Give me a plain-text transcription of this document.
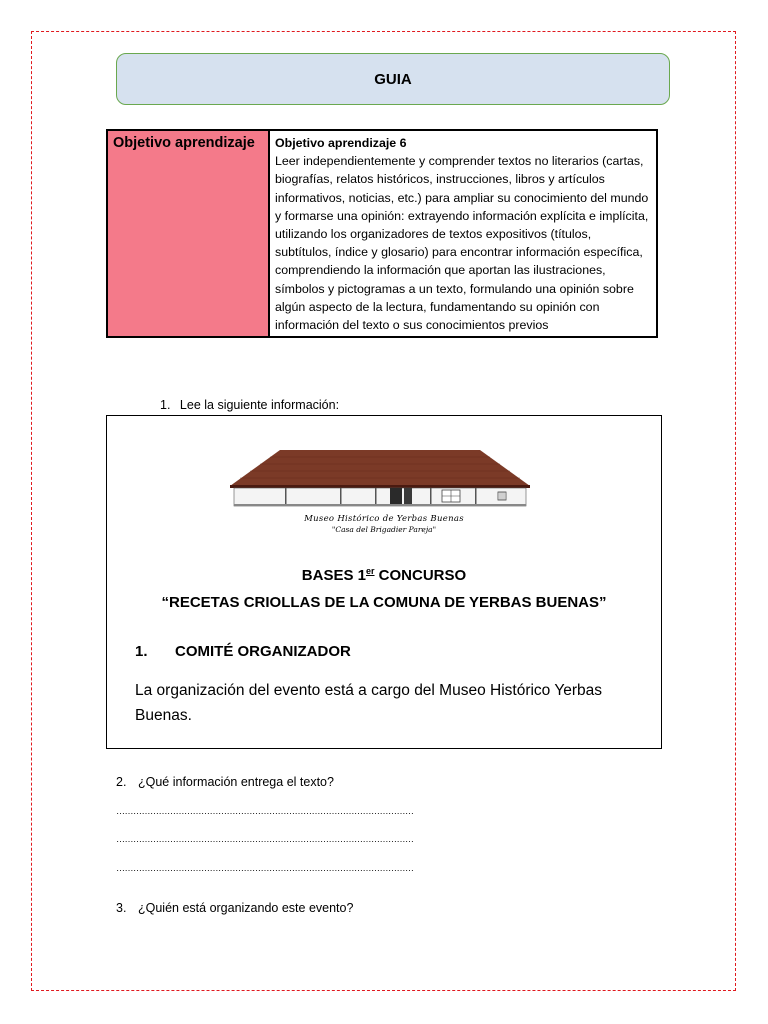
GUIA
Objetivo aprendizaje	Objetivo aprendizaje 6
Leer independientemente y comprender textos no literarios (cartas, biografías, relatos históricos, instrucciones, libros y artículos informativos, noticias, etc.) para ampliar su conocimiento del mundo y formarse una opinión: extrayendo información explícita e implícita, utilizando los organizadores de textos expositivos (títulos, subtítulos, índice y glosario) para encontrar información específica, comprendiendo la información que aportan las ilustraciones, símbolos y pictogramas a un texto, formulando una opinión sobre algún aspecto de la lectura, fundamentando su opinión con información del texto o sus conocimientos previos
1. Lee la siguiente información:
Museo Histórico de Yerbas Buenas
"Casa del Brigadier Pareja"
BASES 1er CONCURSO
“RECETAS CRIOLLAS DE LA COMUNA DE YERBAS BUENAS”
1. COMITÉ ORGANIZADOR
La organización del evento está a cargo del Museo Histórico Yerbas Buenas.
2. ¿Qué información entrega el texto?
……………………………………………………………………………………………
……………………………………………………………………………………………
……………………………………………………………………………………………
3. ¿Quién está organizando este evento?
